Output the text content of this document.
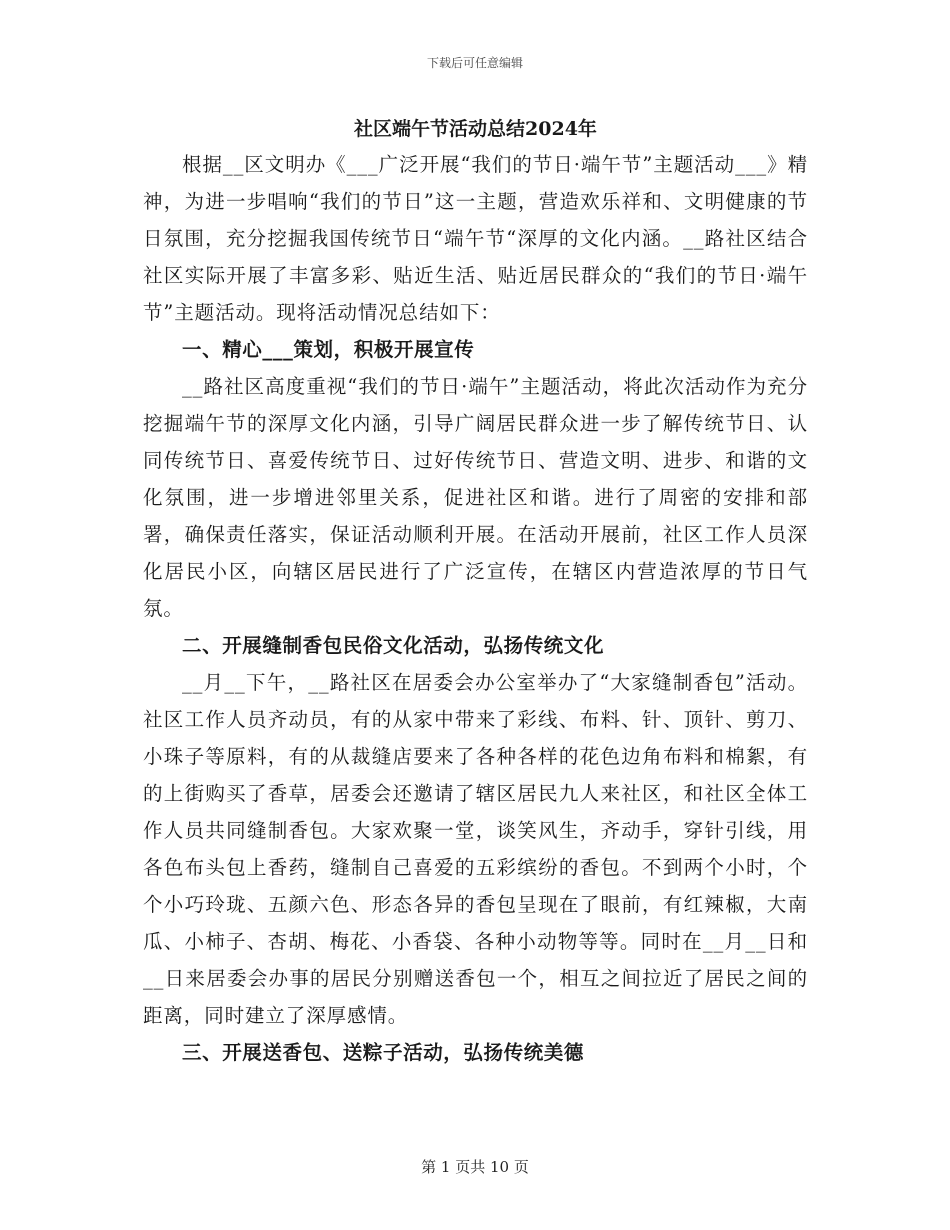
下载后可任意编辑
社区端午节活动总结2024年

根据__区文明办《___广泛开展“我们的节日·端午节”主题活动___》精神，为进一步唱响“我们的节日”这一主题，营造欢乐祥和、文明健康的节日氛围，充分挖掘我国传统节日“端午节“深厚的文化内涵。__路社区结合社区实际开展了丰富多彩、贴近生活、贴近居民群众的“我们的节日·端午节”主题活动。现将活动情况总结如下：

一、精心___策划，积极开展宣传

__路社区高度重视“我们的节日·端午”主题活动，将此次活动作为充分挖掘端午节的深厚文化内涵，引导广阔居民群众进一步了解传统节日、认同传统节日、喜爱传统节日、过好传统节日、营造文明、进步、和谐的文化氛围，进一步增进邻里关系，促进社区和谐。进行了周密的安排和部署，确保责任落实，保证活动顺利开展。在活动开展前，社区工作人员深化居民小区，向辖区居民进行了广泛宣传，在辖区内营造浓厚的节日气氛。

二、开展缝制香包民俗文化活动，弘扬传统文化

__月__下午，__路社区在居委会办公室举办了“大家缝制香包”活动。社区工作人员齐动员，有的从家中带来了彩线、布料、针、顶针、剪刀、小珠子等原料，有的从裁缝店要来了各种各样的花色边角布料和棉絮，有的上街购买了香草，居委会还邀请了辖区居民九人来社区，和社区全体工作人员共同缝制香包。大家欢聚一堂，谈笑风生，齐动手，穿针引线，用各色布头包上香药，缝制自己喜爱的五彩缤纷的香包。不到两个小时，个个小巧玲珑、五颜六色、形态各异的香包呈现在了眼前，有红辣椒，大南瓜、小柿子、杏胡、梅花、小香袋、各种小动物等等。同时在__月__日和__日来居委会办事的居民分别赠送香包一个，相互之间拉近了居民之间的距离，同时建立了深厚感情。

三、开展送香包、送粽子活动，弘扬传统美德

第 1 页共 10 页
